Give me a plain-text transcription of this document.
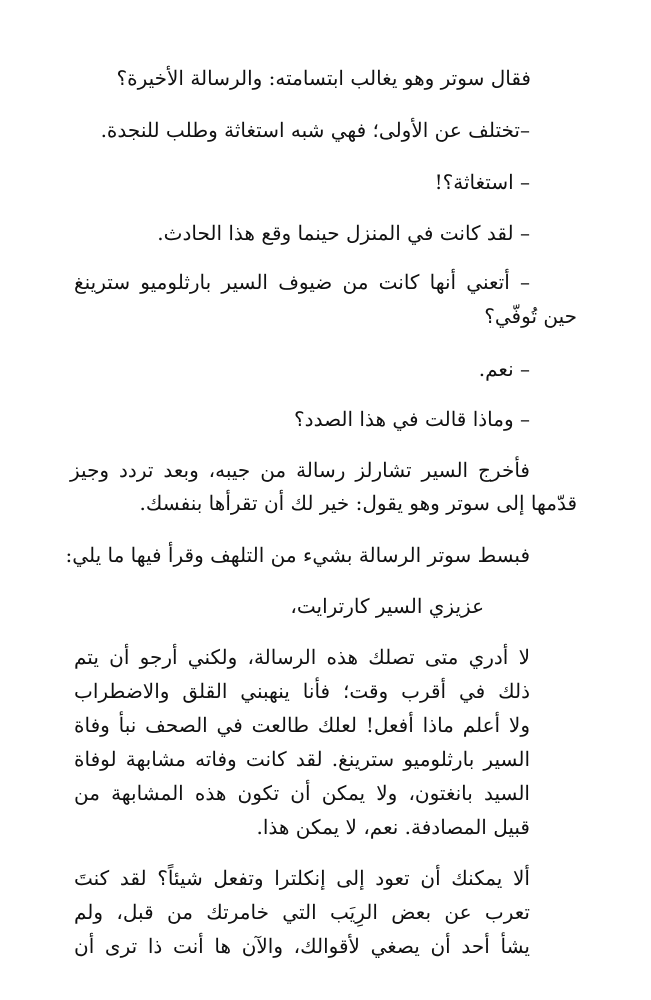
فقال سوتر وهو يغالب ابتسامته: والرسالة الأخيرة؟
–تختلف عن الأولى؛ فهي شبه استغاثة وطلب للنجدة.
– استغاثة؟!
– لقد كانت في المنزل حينما وقع هذا الحادث.
– أتعني أنها كانت من ضيوف السير بارثلوميو سترينغ
حين تُوفّي؟
– نعم.
– وماذا قالت في هذا الصدد؟
فأخرج السير تشارلز رسالة من جيبه، وبعد تردد وجيز
قدّمها إلى سوتر وهو يقول: خير لك أن تقرأها بنفسك.
فبسط سوتر الرسالة بشيء من التلهف وقرأ فيها ما يلي:
عزيزي السير كارترايت،
لا أدري متى تصلك هذه الرسالة، ولكني أرجو أن يتم
ذلك في أقرب وقت؛ فأنا ينهبني القلق والاضطراب
ولا أعلم ماذا أفعل! لعلك طالعت في الصحف نبأ وفاة
السير بارثلوميو سترينغ. لقد كانت وفاته مشابهة لوفاة
السيد بانغتون، ولا يمكن أن تكون هذه المشابهة من
قبيل المصادفة. نعم، لا يمكن هذا.
ألا يمكنك أن تعود إلى إنكلترا وتفعل شيئاً؟ لقد كنتَ
تعرب عن بعض الرِيَب التي خامرتك من قبل، ولم
يشأ أحد أن يصغي لأقوالك، والآن ها أنت ذا ترى أن
